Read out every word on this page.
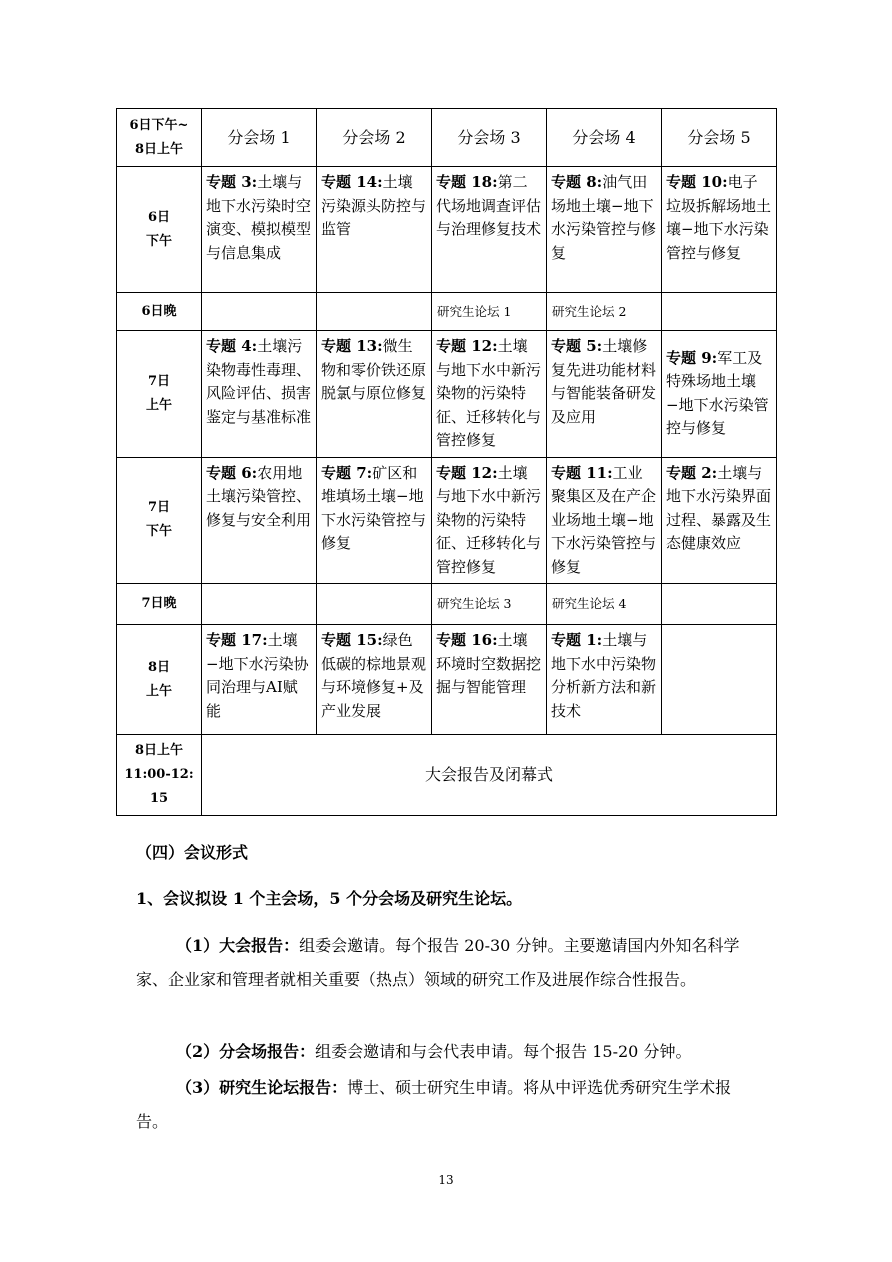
6日下午~
8日上午	分会场 1	分会场 2	分会场 3	分会场 4	分会场 5
6日
下午	专题 3:土壤与地下水污染时空演变、模拟模型与信息集成	专题 14:土壤污染源头防控与监管	专题 18:第二代场地调查评估与治理修复技术	专题 8:油气田场地土壤−地下水污染管控与修复	专题 10:电子垃圾拆解场地土壤−地下水污染管控与修复
6日晚			研究生论坛 1	研究生论坛 2	
7日
上午	专题 4:土壤污染物毒性毒理、风险评估、损害鉴定与基准标准	专题 13:微生物和零价铁还原脱氯与原位修复	专题 12:土壤与地下水中新污染物的污染特征、迁移转化与管控修复	专题 5:土壤修复先进功能材料与智能装备研发及应用	专题 9:军工及特殊场地土壤−地下水污染管控与修复
7日
下午	专题 6:农用地土壤污染管控、修复与安全利用	专题 7:矿区和堆填场土壤−地下水污染管控与修复	专题 12:土壤与地下水中新污染物的污染特征、迁移转化与管控修复	专题 11:工业聚集区及在产企业场地土壤−地下水污染管控与修复	专题 2:土壤与地下水污染界面过程、暴露及生态健康效应
7日晚			研究生论坛 3	研究生论坛 4	
8日
上午	专题 17:土壤−地下水污染协同治理与AI赋能	专题 15:绿色低碳的棕地景观与环境修复+及产业发展	专题 16:土壤环境时空数据挖掘与智能管理	专题 1:土壤与地下水中污染物分析新方法和新技术	
8日上午
11:00-12:15	大会报告及闭幕式				
（四）会议形式
1、会议拟设 1 个主会场，5 个分会场及研究生论坛。
（1）大会报告：组委会邀请。每个报告 20-30 分钟。主要邀请国内外知名科学家、企业家和管理者就相关重要（热点）领域的研究工作及进展作综合性报告。
（2）分会场报告：组委会邀请和与会代表申请。每个报告 15-20 分钟。
（3）研究生论坛报告：博士、硕士研究生申请。将从中评选优秀研究生学术报告。
13
